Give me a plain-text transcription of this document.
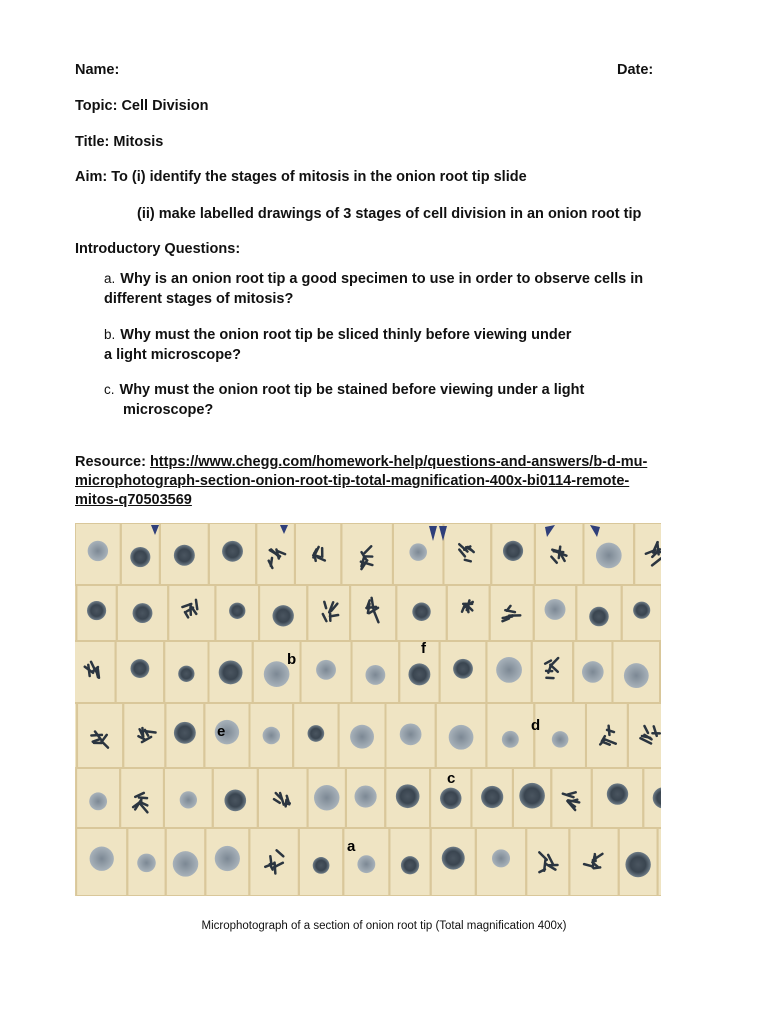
Name:	Date:
Topic: Cell Division
Title: Mitosis
Aim: To (i) identify the stages of mitosis in the onion root tip slide
(ii) make labelled drawings of 3 stages of cell division in an onion root tip
Introductory Questions:
a. Why is an onion root tip a good specimen to use in order to observe cells in
different stages of mitosis?
b. Why must the onion root tip be sliced thinly before viewing under
a light microscope?
c. Why must the onion root tip be stained before viewing under a light
microscope?
Resource: https://www.chegg.com/homework-help/questions-and-answers/b-d-mu-
microphotograph-section-onion-root-tip-total-magnification-400x-bi0114-remote-
mitos-q70503569
b
f
e	d
c
a
Microphotograph of a section of onion root tip (Total magnification 400x)
